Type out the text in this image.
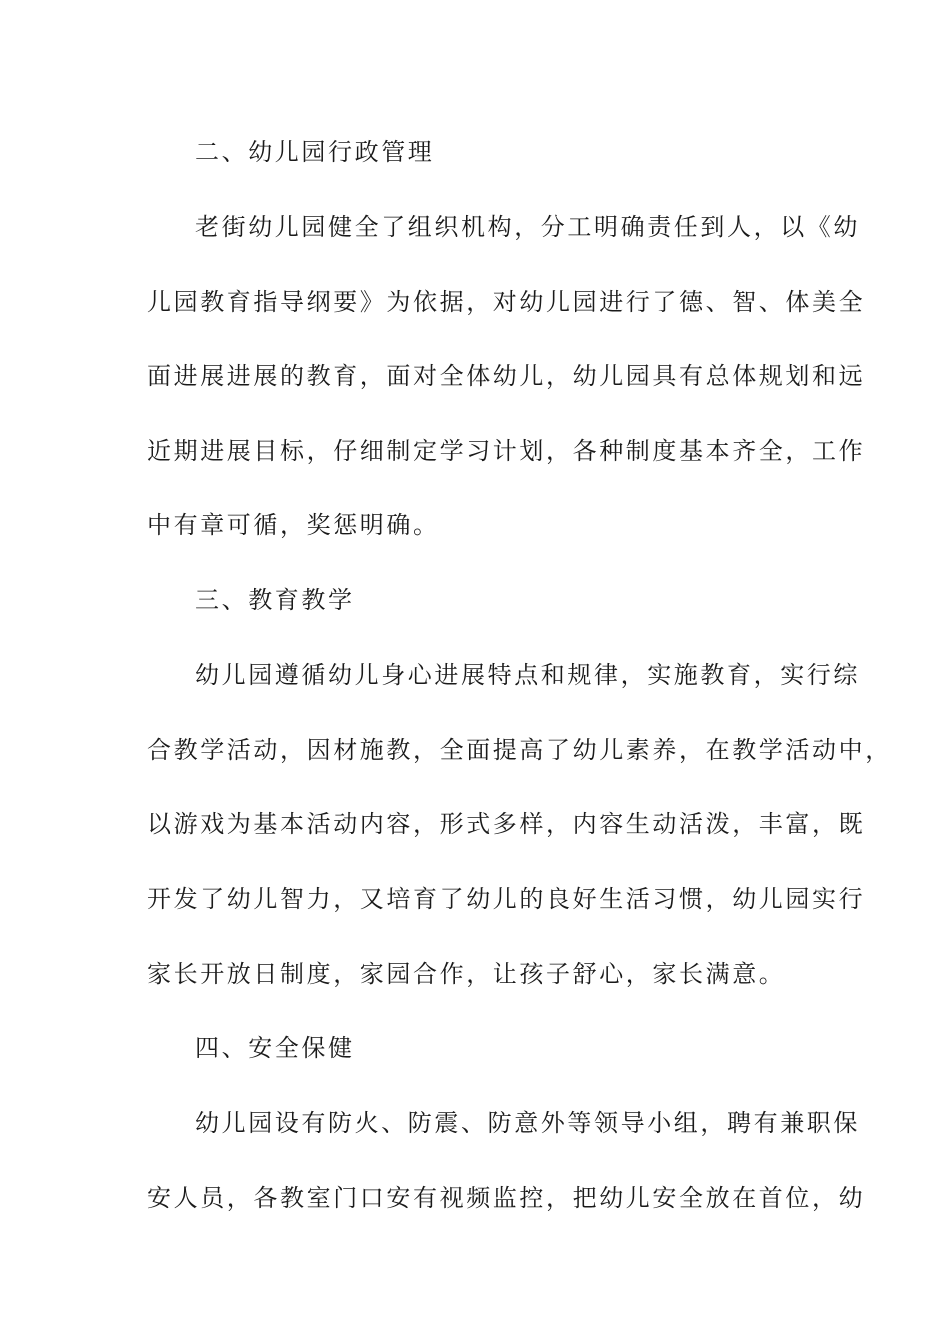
二、幼儿园行政管理
老街幼儿园健全了组织机构，分工明确责任到人，以《幼
儿园教育指导纲要》为依据，对幼儿园进行了德、智、体美全
面进展进展的教育，面对全体幼儿，幼儿园具有总体规划和远
近期进展目标，仔细制定学习计划，各种制度基本齐全，工作
中有章可循，奖惩明确。
三、教育教学
幼儿园遵循幼儿身心进展特点和规律，实施教育，实行综
合教学活动，因材施教，全面提高了幼儿素养，在教学活动中，
以游戏为基本活动内容，形式多样，内容生动活泼，丰富，既
开发了幼儿智力，又培育了幼儿的良好生活习惯，幼儿园实行
家长开放日制度，家园合作，让孩子舒心，家长满意。
四、安全保健
幼儿园设有防火、防震、防意外等领导小组，聘有兼职保
安人员，各教室门口安有视频监控，把幼儿安全放在首位，幼
